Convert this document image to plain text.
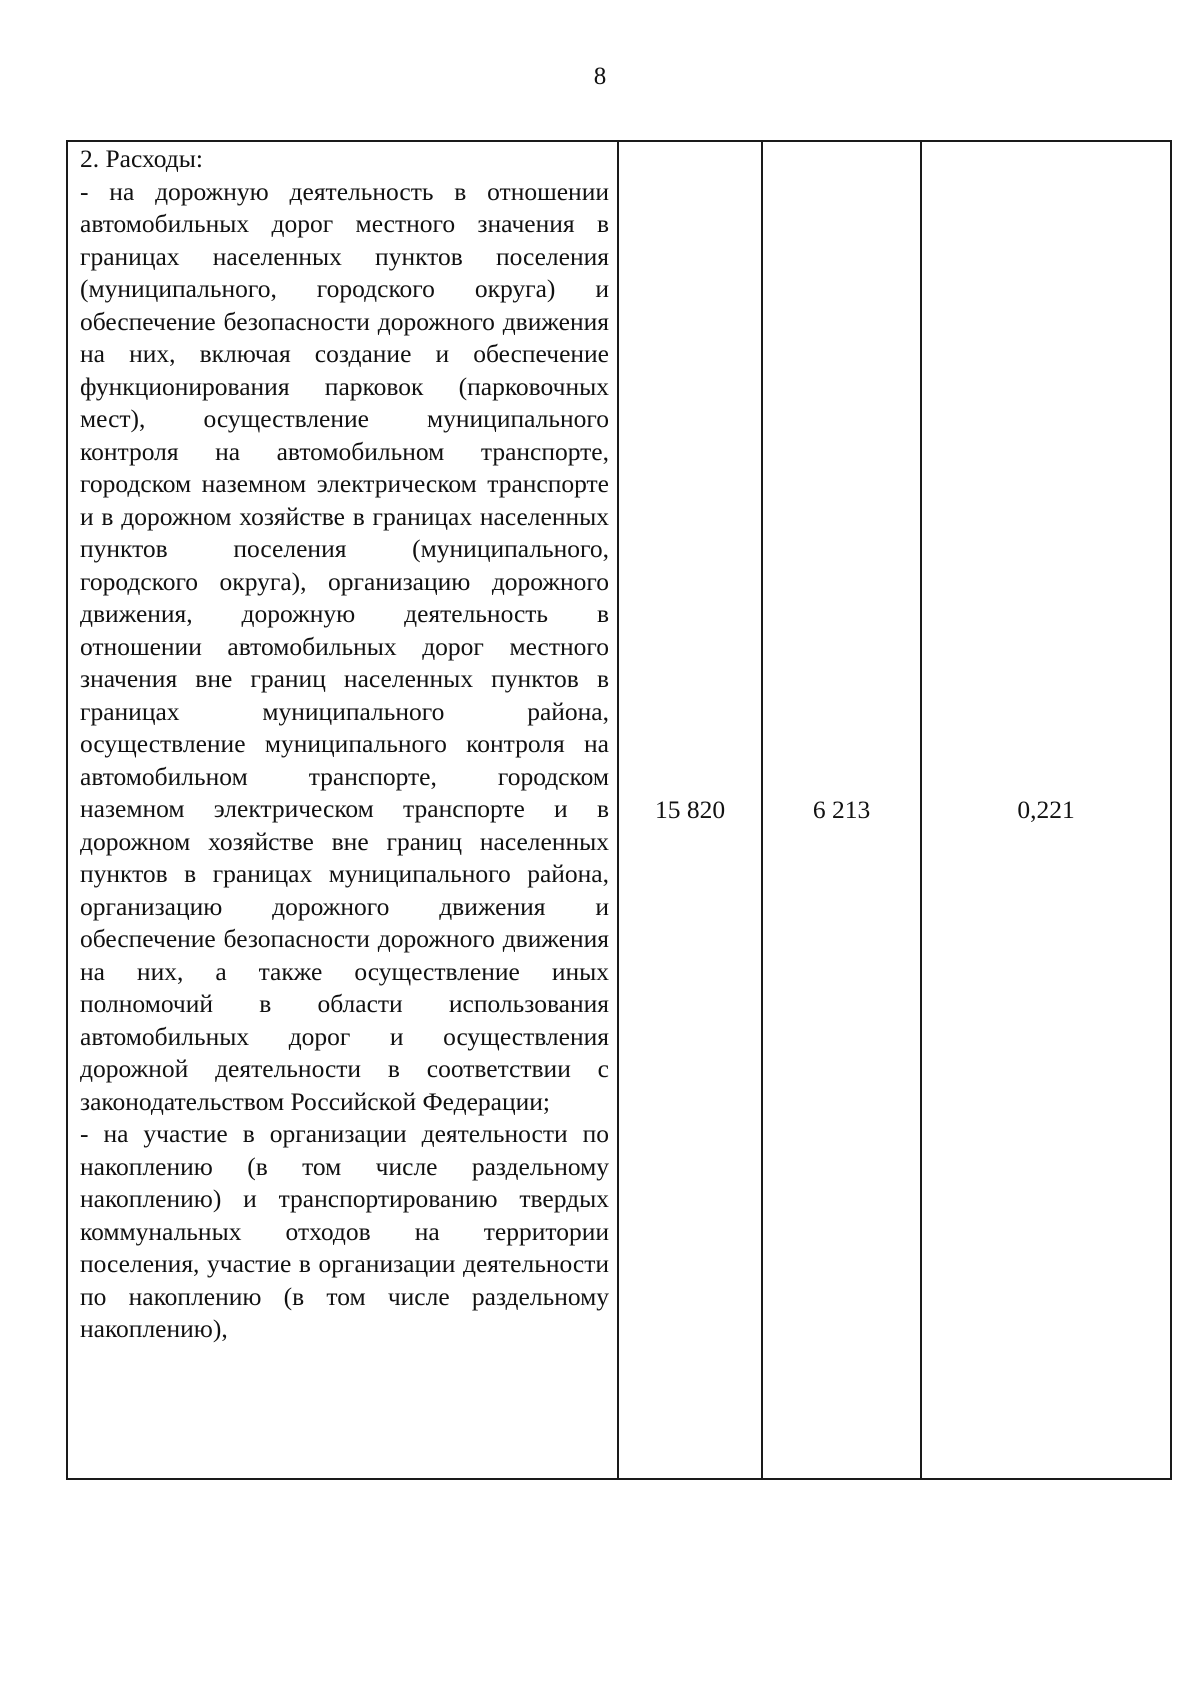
8

2. Расходы:

- на дорожную деятельность в отношении автомобильных дорог местного значения в границах населенных пунктов поселения (муниципального, городского округа) и обеспечение безопасности дорожного движения на них, включая создание и обеспечение функционирования парковок (парковочных мест), осуществление муниципального контроля на автомобильном транспорте, городском наземном электрическом транспорте и в дорожном хозяйстве в границах населенных пунктов поселения (муниципального, городского округа), организацию дорожного движения, дорожную деятельность в отношении автомобильных дорог местного значения вне границ населенных пунктов в границах муниципального района, осуществление муниципального контроля на автомобильном транспорте, городском наземном электрическом транспорте и в дорожном хозяйстве вне границ населенных пунктов в границах муниципального района, организацию дорожного движения и обеспечение безопасности дорожного движения на них, а также осуществление иных полномочий в области использования автомобильных дорог и осуществления дорожной деятельности в соответствии с законодательством Российской Федерации;

- на участие в организации деятельности по накоплению (в том числе раздельному накоплению) и транспортированию твердых коммунальных отходов на территории поселения, участие в организации деятельности по накоплению (в том числе раздельному накоплению),

	15 820	6 213	0,221
